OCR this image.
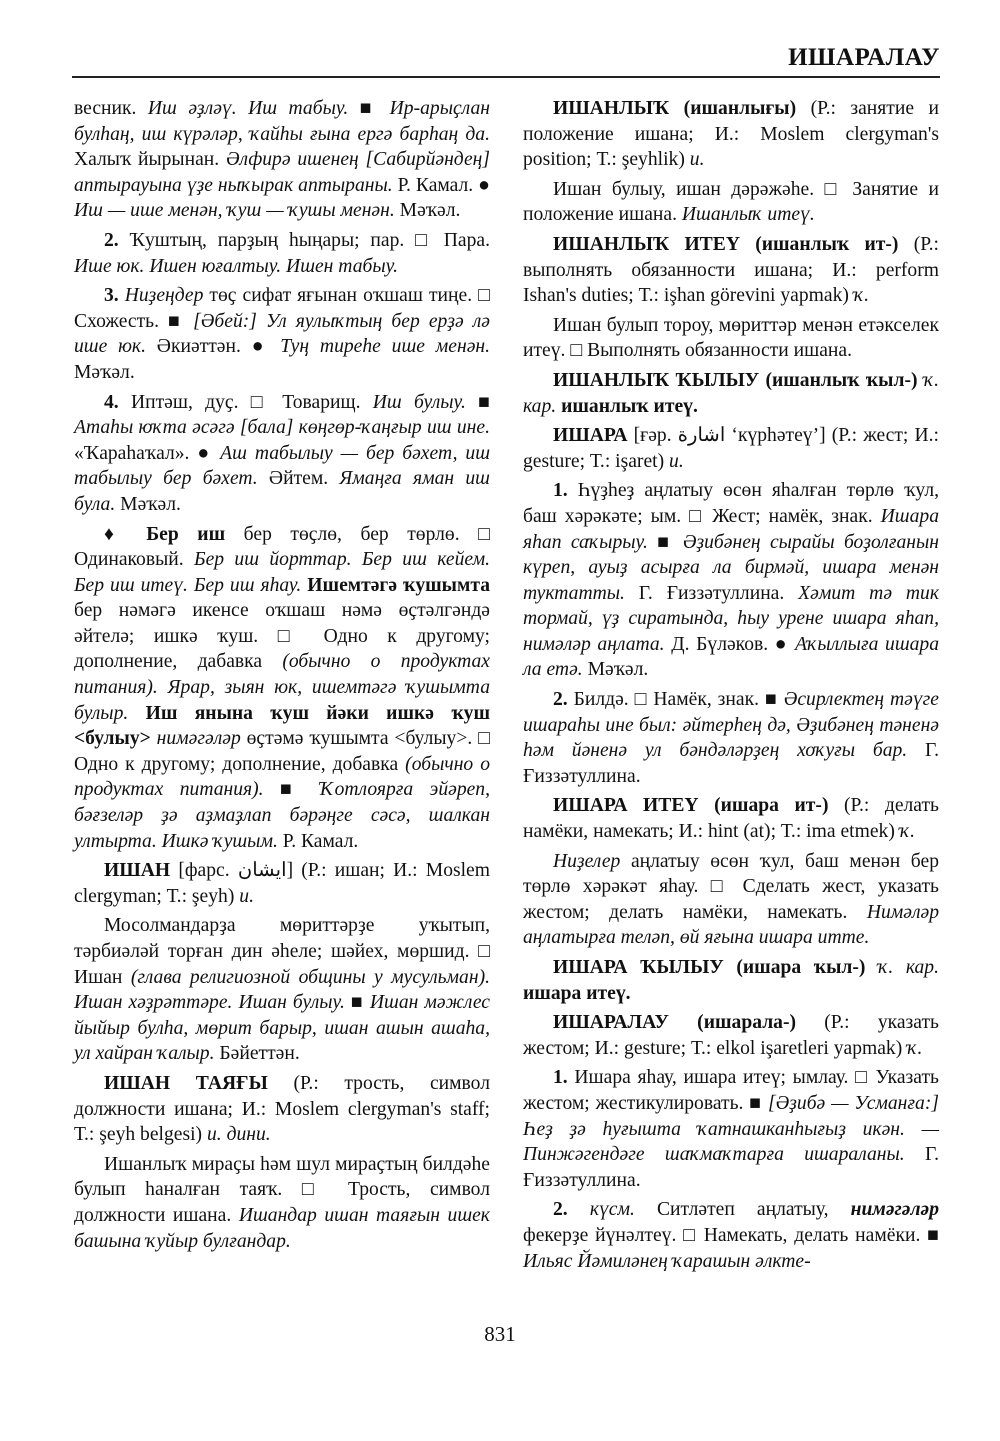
ИШАРАЛАУ

весник. Иш әҙләү. Иш табыу. ■ Ир-арыҫлан булһаң, иш күрәләр, ҡайһы ғына ергә барһаң да. Халыҡ йырынан. Әлфирә ишенең [Сабирйәндең] аптырауына үҙе ныҡырак аптыраны. Р. Камал. ● Иш — ише менән, ҡуш — ҡушы менән. Мәҡәл.

2. Ҡуштың, парҙың һыңары; пар. □ Пара. Ише юк. Ишен юғалтыу. Ишен табыу.

3. Ниҙеңдер төҫ сифат яғынан оҡшаш тиңе. □ Схожесть. ■ [Әбей:] Ул яулыҡтың бер ерҙә лә ише юк. Әкиәттән. ● Туң тиреһе ише менән. Мәҡәл.

4. Иптәш, дуҫ. □ Товарищ. Иш булыу. ■ Атаһы юҡта әсәгә [бала] көңгөр-ҡаңғыр иш ине. «Ҡараһаҡал». ● Аш табылыу — бер бәхет, иш табылыу бер бәхет. Әйтем. Ямаңға яман иш була. Мәҡәл.

♦ Бер иш бер төҫлө, бер төрлө. □ Одинаковый. Бер иш йорттар. Бер иш кейем. Бер иш итеү. Бер иш яһау. Ишемтәгә ҡушымта бер нәмәгә икенсе оҡшаш нәмә өҫтәлгәндә әйтелә; ишкә ҡуш. □ Одно к другому; дополнение, дабавка (обычно о продуктах питания). Ярар, зыян юк, ишемтәгә ҡушымта булыр. Иш янына ҡуш йәки ишкә ҡуш <булыу> нимәгәләр өҫтәмә ҡушымта <булыу>. □ Одно к другому; дополнение, добавка (обычно о продуктах питания). ■ Ҡотлоярға эйәреп, бәғзеләр ҙә аҙмаҙлап бәрәңге сәсә, шалкан ултырта. Ишкә ҡушым. Р. Камал.

ИШАН [фарс. ایشان] (Р.: ишан; И.: Moslem clergyman; Т.: şeyh) и.

Мосолмандарҙа мөриттәрҙе уҡытып, тәрбиәләй торған дин әһеле; шәйех, мөршид. □ Ишан (глава религиозной общины у мусульман). Ишан хәҙрәттәре. Ишан булыу. ■ Ишан мәжлес йыйыр булһа, мөрит барыр, ишан ашын ашаһа, ул хайран ҡалыр. Бәйеттән.

ИШАН ТАЯҒЫ (Р.: трость, символ должности ишана; И.: Moslem clergyman's staff; Т.: şeyh belgesi) и. дини.

Ишанлыҡ мираҫы һәм шул мираҫтың билдәһе булып һаналған таяҡ. □ Трость, символ должности ишана. Ишандар ишан таяғын ишек башына ҡуйыр булғандар.

ИШАНЛЫҠ (ишанлығы) (Р.: занятие и положение ишана; И.: Moslem clergyman's position; Т.: şeyhlik) и.

Ишан булыу, ишан дәрәжәһе. □ Занятие и положение ишана. Ишанлыҡ итеү.

ИШАНЛЫҠ ИТЕҮ (ишанлыҡ ит-) (Р.: выполнять обязанности ишана; И.: perform Ishan's duties; Т.: işhan görevini yapmak) ҡ.

Ишан булып тороу, мөриттәр менән етәкселек итеү. □ Выполнять обязанности ишана.

ИШАНЛЫҠ ҠЫЛЫУ (ишанлыҡ ҡыл-) ҡ. кар. ишанлыҡ итеү.

ИШАРА [ғәр. اشارة ‘күрһәтеү’] (Р.: жест; И.: gesture; Т.: işaret) и.

1. Һүҙһеҙ аңлатыу өсөн яһалған төрлө ҡул, баш хәрәкәте; ым. □ Жест; намёк, знак. Ишара яһап саҡырыу. ■ Әҙибәнең сырайы боҙолғанын күреп, ауыҙ асырға ла бирмәй, ишара менән туктатты. Г. Ғиззәтуллина. Хәмит тә тик тормай, үҙ сиратында, һыу урене ишара яһап, нимәләр аңлата. Д. Бүләков. ● Аҡыллыға ишара ла етә. Мәҡәл.

2. Билдә. □ Намёк, знак. ■ Әсирлектең тәүге ишараһы ине был: әйтерһең дә, Әҙибәнең тәненә һәм йәненә ул бәндәләрҙең хоҡуғы бар. Г. Ғиззәтуллина.

ИШАРА ИТЕҮ (ишара ит-) (Р.: делать намёки, намекать; И.: hint (at); Т.: ima etmek) ҡ.

Ниҙелер аңлатыу өсөн ҡул, баш менән бер төрлө хәрәкәт яһау. □ Сделать жест, указать жестом; делать намёки, намекать. Нимәләр аңлатырға теләп, өй яғына ишара итте.

ИШАРА ҠЫЛЫУ (ишара ҡыл-) ҡ. кар. ишара итеү.

ИШАРАЛАУ (ишарала-) (Р.: указать жестом; И.: gesture; Т.: elkol işaretleri yapmak) ҡ.

1. Ишара яһау, ишара итеү; ымлау. □ Указать жестом; жестикулировать. ■ [Әҙибә — Усманға:] Һеҙ ҙә һуғышта ҡатнашканһығыҙ икән. — Пинжәгендәге шаҡмаҡтарға ишараланы. Г. Ғиззәтуллина.

2. күсм. Ситләтеп аңлатыу, нимәгәләр фекерҙе йүнәлтеү. □ Намекать, делать намёки. ■ Ильяс Йәмиләнең ҡарашын әлкте-

831
